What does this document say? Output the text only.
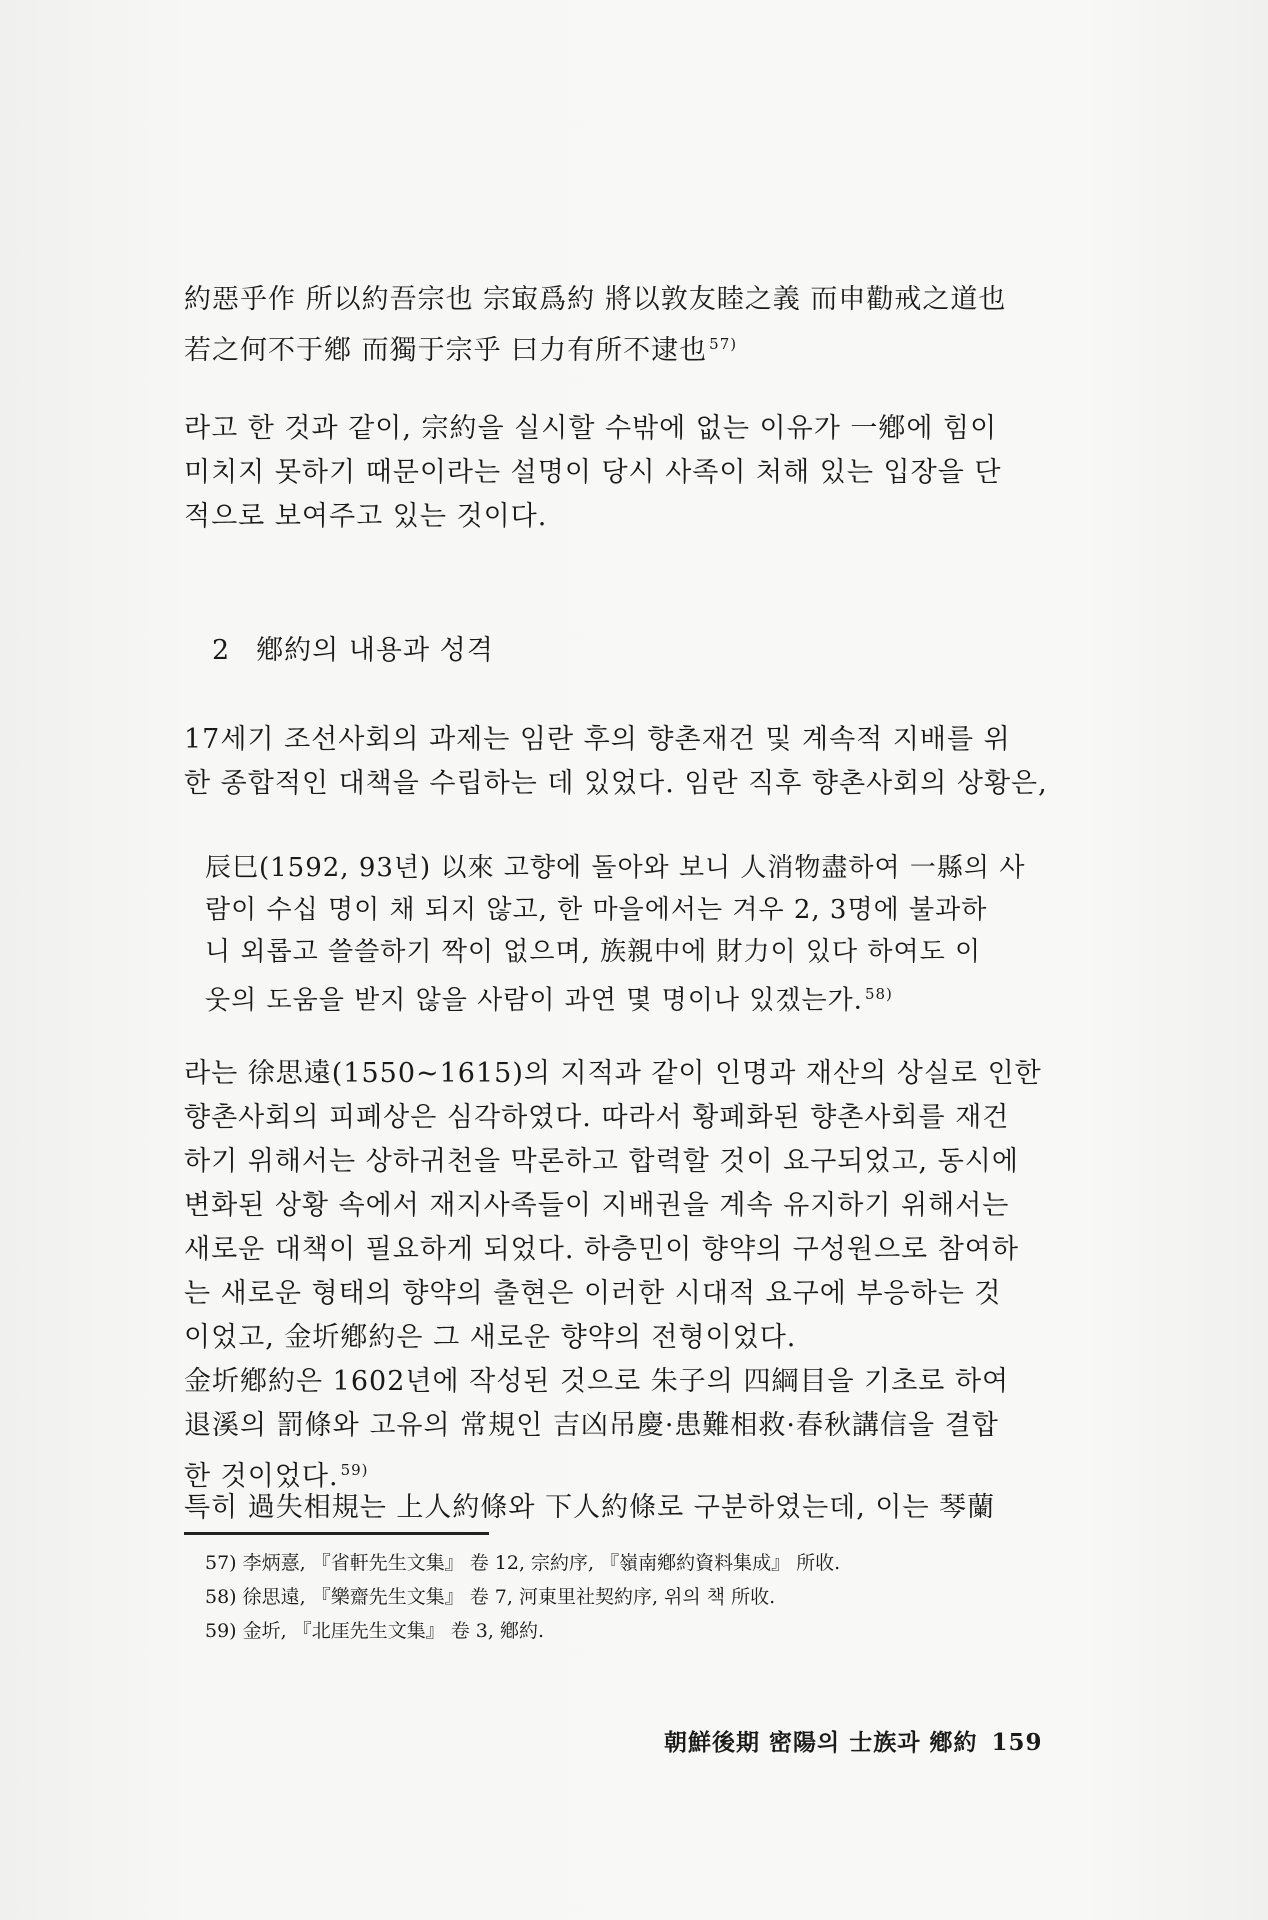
約惡乎作 所以約吾宗也 宗㝡爲約 將以敦友睦之義 而申勸戒之道也
若之何不于鄕 而獨于宗乎 曰力有所不逮也 $^{57)}$
라고 한 것과 같이, 宗約을 실시할 수밖에 없는 이유가 一鄕에 힘이
미치지 못하기 때문이라는 설명이 당시 사족이 처해 있는 입장을 단
적으로 보여주고 있는 것이다.
2 鄕約의 내용과 성격
17세기 조선사회의 과제는 임란 후의 향촌재건 및 계속적 지배를 위
한 종합적인 대책을 수립하는 데 있었다. 임란 직후 향촌사회의 상황은,
辰巳(1592, 93년) 以來 고향에 돌아와 보니 人消物盡하여 一縣의 사
람이 수십 명이 채 되지 않고, 한 마을에서는 겨우 2, 3명에 불과하
니 외롭고 쓸쓸하기 짝이 없으며, 族親中에 財力이 있다 하여도 이
웃의 도움을 받지 않을 사람이 과연 몇 명이나 있겠는가. $^{58)}$
라는 徐思遠(1550~1615)의 지적과 같이 인명과 재산의 상실로 인한
향촌사회의 피폐상은 심각하였다. 따라서 황폐화된 향촌사회를 재건
하기 위해서는 상하귀천을 막론하고 합력할 것이 요구되었고, 동시에
변화된 상황 속에서 재지사족들이 지배권을 계속 유지하기 위해서는
새로운 대책이 필요하게 되었다. 하층민이 향약의 구성원으로 참여하
는 새로운 형태의 향약의 출현은 이러한 시대적 요구에 부응하는 것
이었고, 金圻鄕約은 그 새로운 향약의 전형이었다.
金圻鄕約은 1602년에 작성된 것으로 朱子의 四綱目을 기초로 하여
退溪의 罰條와 고유의 常規인 吉凶吊慶·患難相救·春秋講信을 결합
한 것이었다. $^{59)}$
특히 過失相規는 上人約條와 下人約條로 구분하였는데, 이는 琴蘭
57) 李炳憙, 『省軒先生文集』 卷 12, 宗約序, 『嶺南鄕約資料集成』 所收.
58) 徐思遠, 『樂齋先生文集』 卷 7, 河東里社契約序, 위의 책 所收.
59) 金圻, 『北厓先生文集』 卷 3, 鄕約.
朝鮮後期 密陽의 士族과 鄕約 159
